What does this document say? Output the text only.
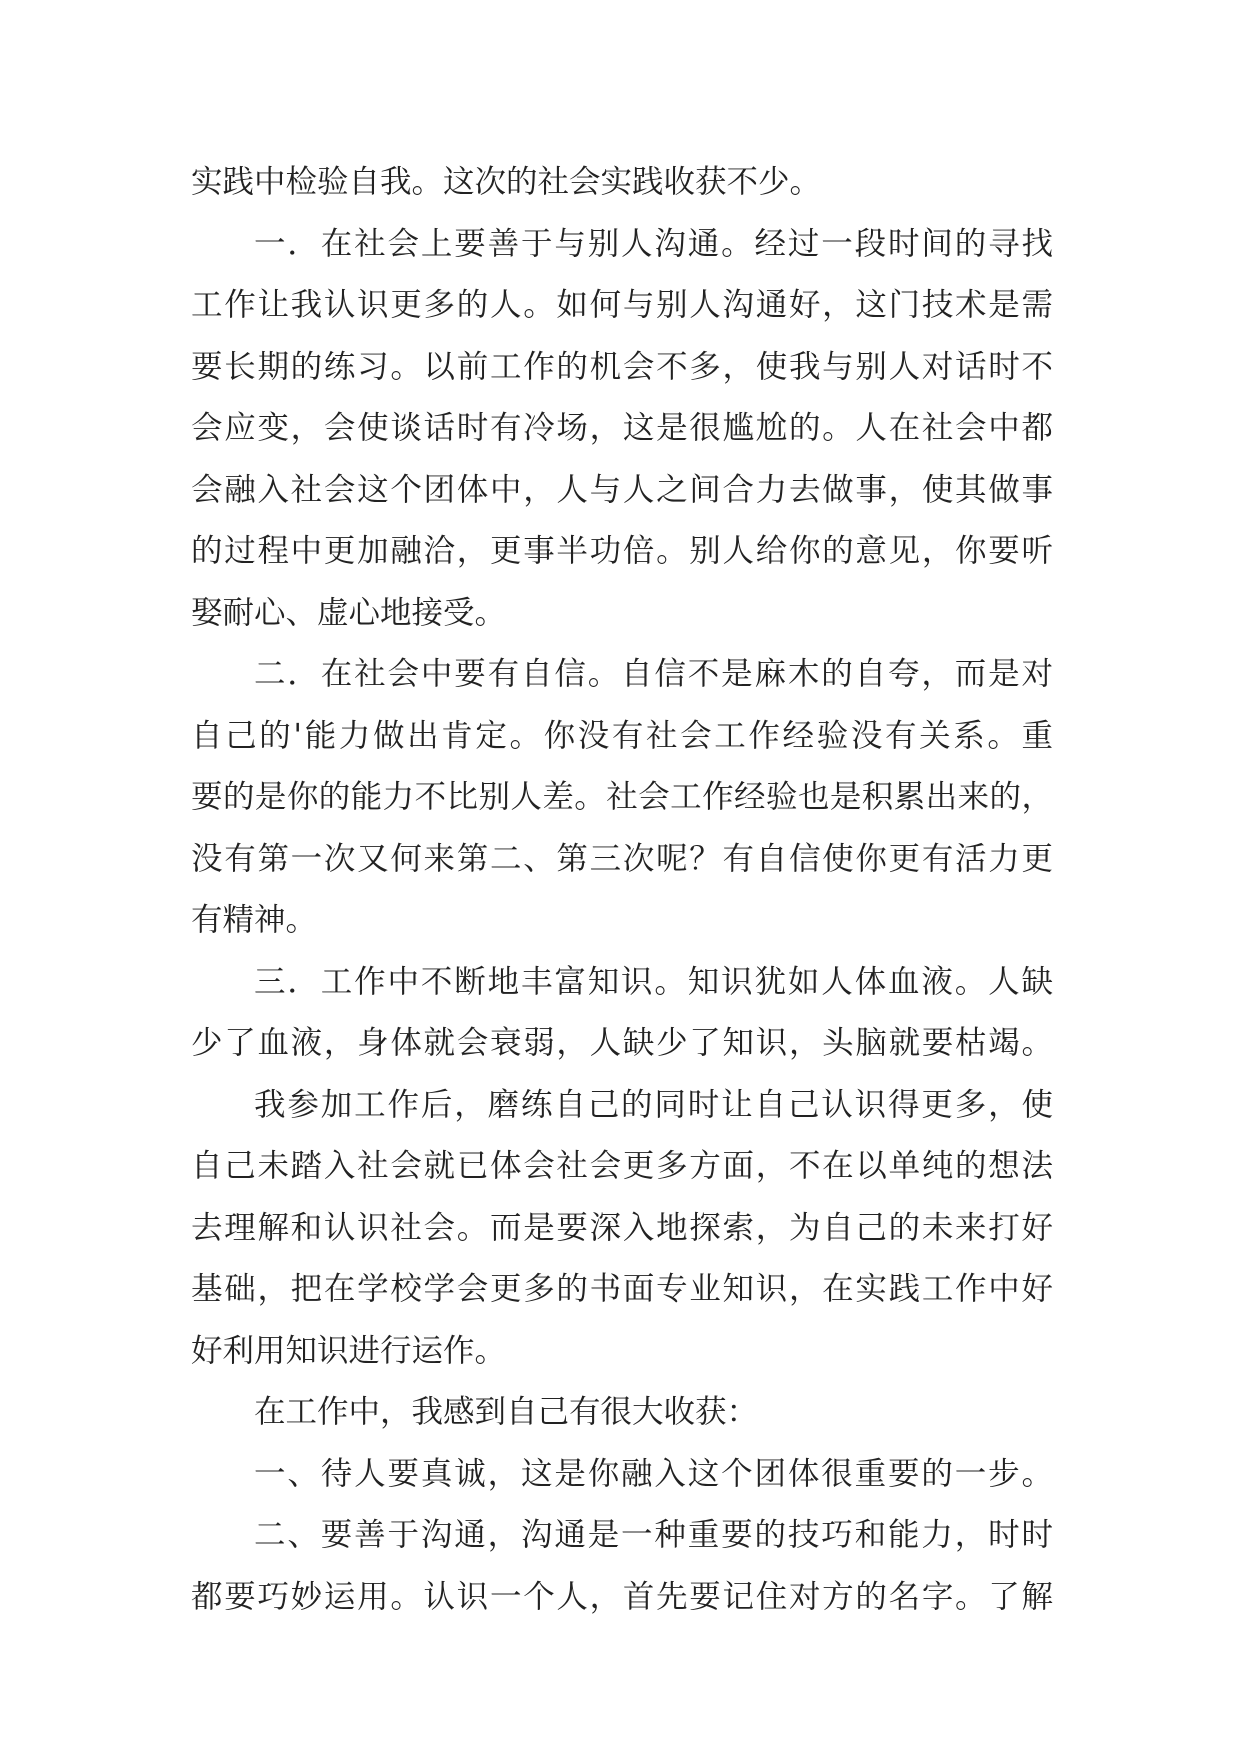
实践中检验自我。这次的社会实践收获不少。
一．在社会上要善于与别人沟通。经过一段时间的寻找
工作让我认识更多的人。如何与别人沟通好，这门技术是需
要长期的练习。以前工作的机会不多，使我与别人对话时不
会应变，会使谈话时有冷场，这是很尴尬的。人在社会中都
会融入社会这个团体中，人与人之间合力去做事，使其做事
的过程中更加融洽，更事半功倍。别人给你的意见，你要听
娶耐心、虚心地接受。
二．在社会中要有自信。自信不是麻木的自夸，而是对
自己的'能力做出肯定。你没有社会工作经验没有关系。重
要的是你的能力不比别人差。社会工作经验也是积累出来的，
没有第一次又何来第二、第三次呢？有自信使你更有活力更
有精神。
三．工作中不断地丰富知识。知识犹如人体血液。人缺
少了血液，身体就会衰弱，人缺少了知识，头脑就要枯竭。
我参加工作后，磨练自己的同时让自己认识得更多，使
自己未踏入社会就已体会社会更多方面，不在以单纯的想法
去理解和认识社会。而是要深入地探索，为自己的未来打好
基础，把在学校学会更多的书面专业知识，在实践工作中好
好利用知识进行运作。
在工作中，我感到自己有很大收获：
一、待人要真诚，这是你融入这个团体很重要的一步。
二、要善于沟通，沟通是一种重要的技巧和能力，时时
都要巧妙运用。认识一个人，首先要记住对方的名字。了解
